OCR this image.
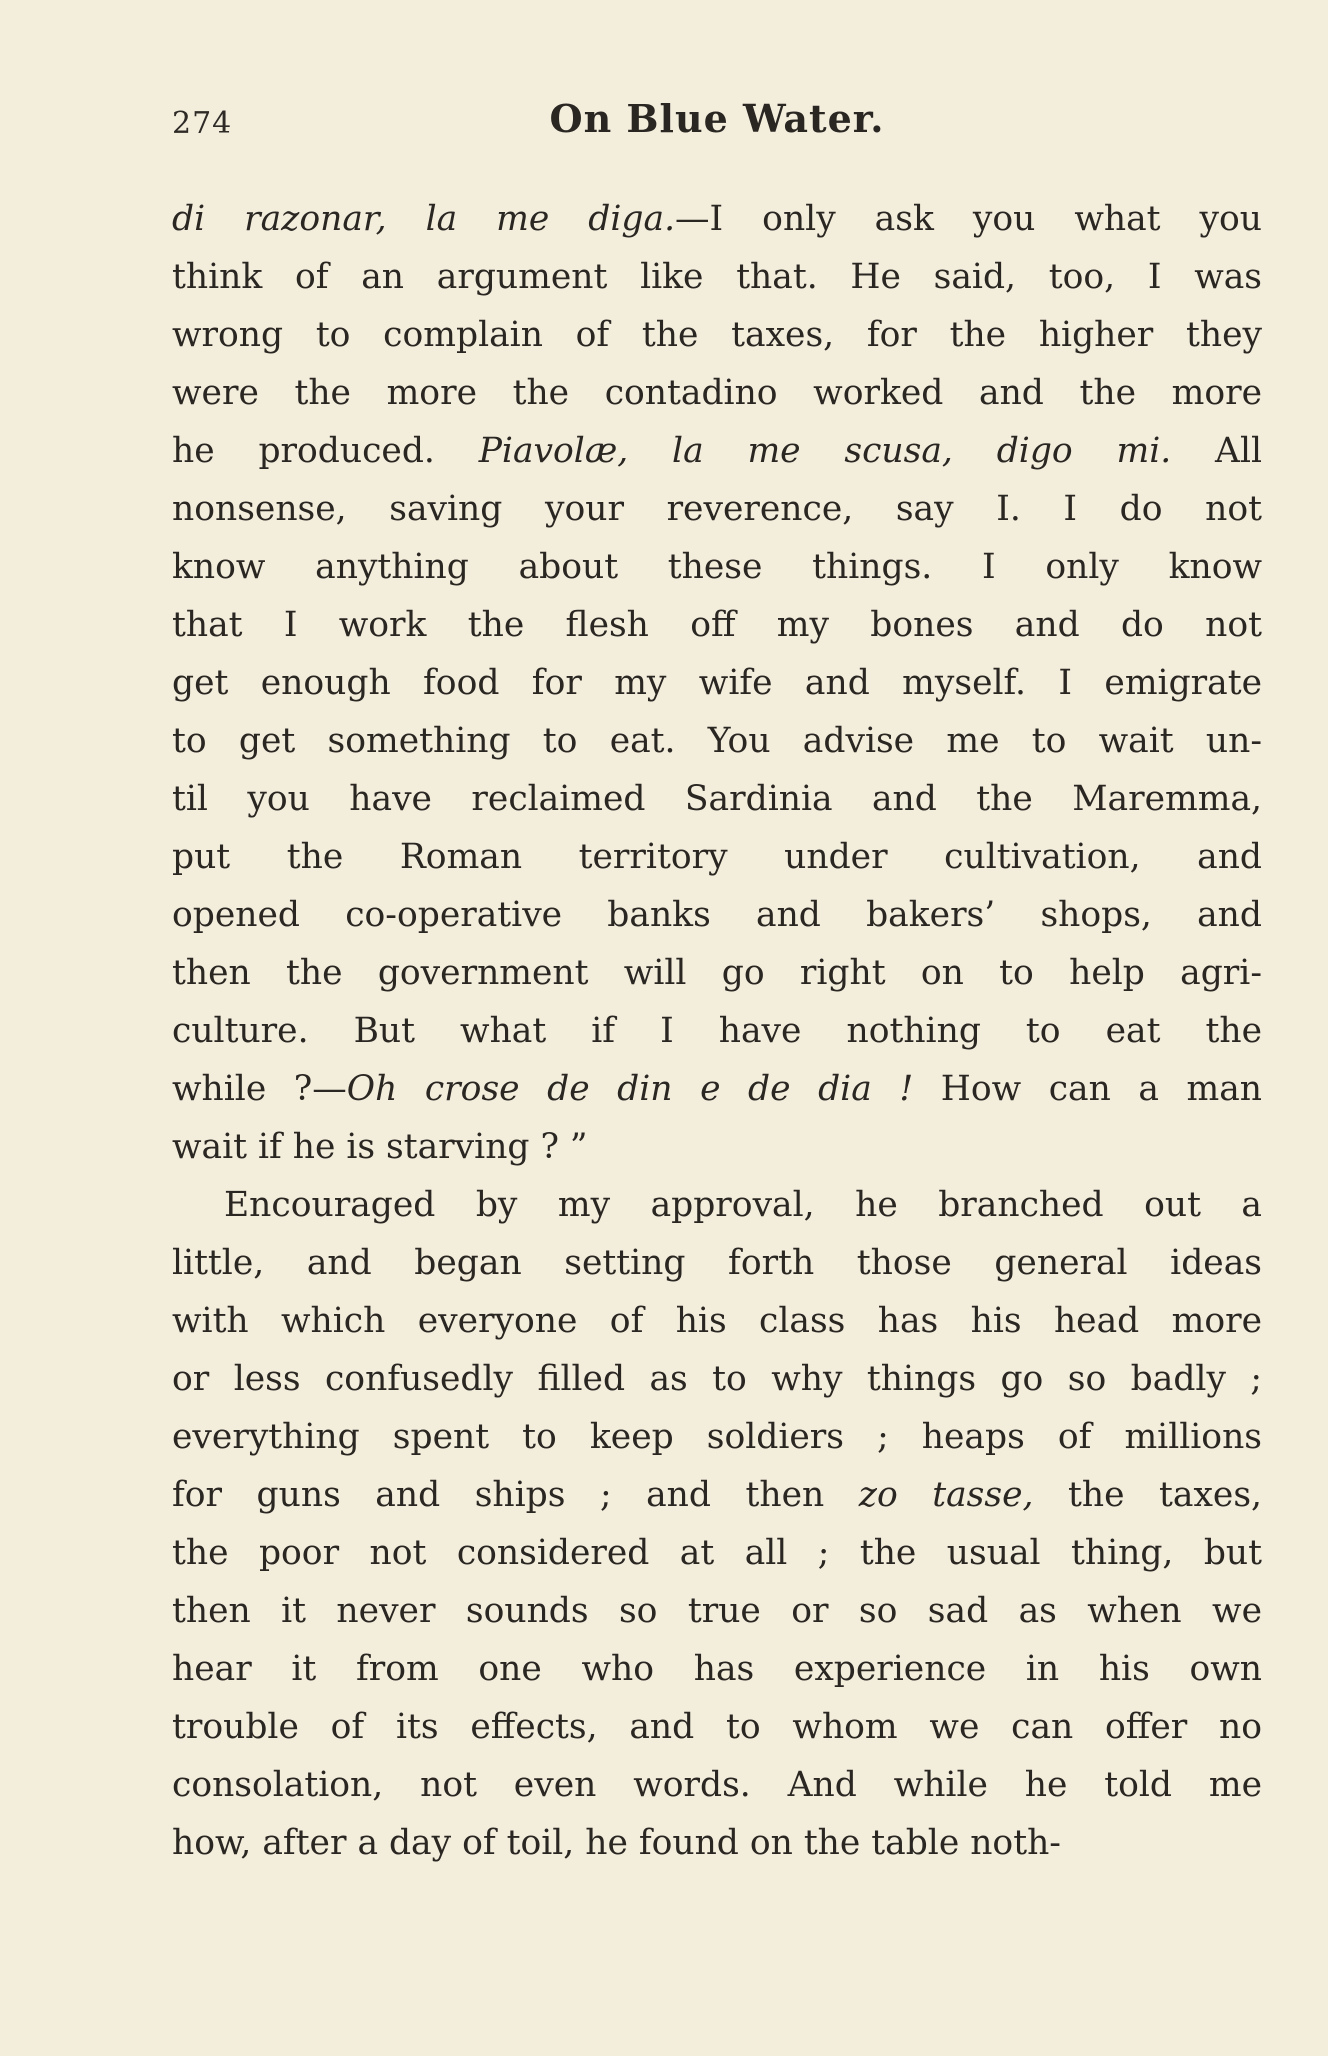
274	On Blue Water.
di razonar, la me diga.—I only ask you what you
think of an argument like that. He said, too, I was
wrong to complain of the taxes, for the higher they
were the more the contadino worked and the more
he produced. Piavolæ, la me scusa, digo mi. All
nonsense, saving your reverence, say I. I do not
know anything about these things. I only know
that I work the flesh off my bones and do not
get enough food for my wife and myself. I emigrate
to get something to eat. You advise me to wait un-
til you have reclaimed Sardinia and the Maremma,
put the Roman territory under cultivation, and
opened co-operative banks and bakers’ shops, and
then the government will go right on to help agri-
culture. But what if I have nothing to eat the
while ?—Oh crose de din e de dia ! How can a man
wait if he is starving ? ”
Encouraged by my approval, he branched out a
little, and began setting forth those general ideas
with which everyone of his class has his head more
or less confusedly filled as to why things go so badly ;
everything spent to keep soldiers ; heaps of millions
for guns and ships ; and then zo tasse, the taxes,
the poor not considered at all ; the usual thing, but
then it never sounds so true or so sad as when we
hear it from one who has experience in his own
trouble of its effects, and to whom we can offer no
consolation, not even words. And while he told me
how, after a day of toil, he found on the table noth-
